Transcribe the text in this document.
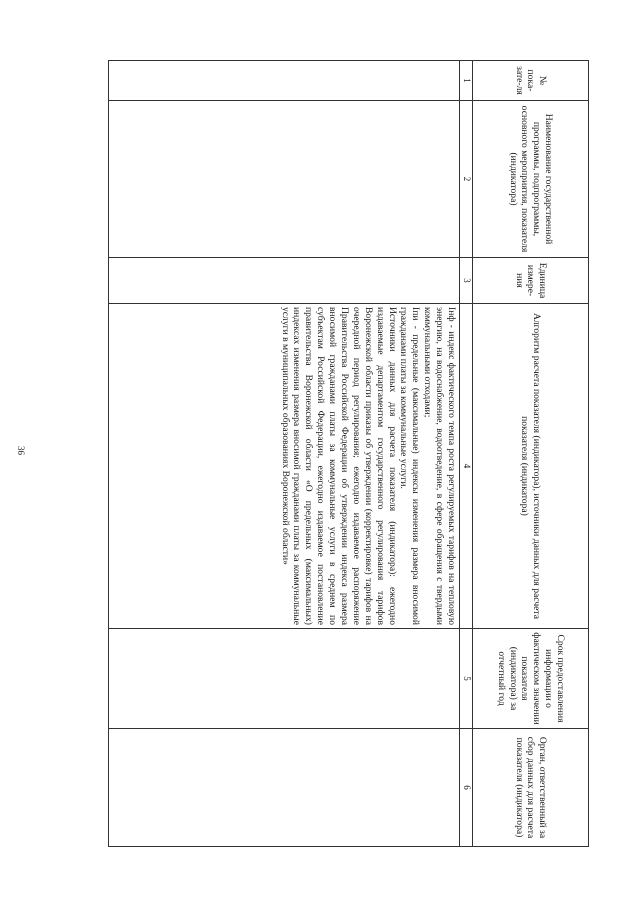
36
№ пока-зате-ля	Наименование государственной программы, подпрограммы, основного мероприятия, показателя (индикатора)	Единица измере-ния	Алгоритм расчета показателя (индикатора), источники данных для расчета показателя (индикатора)	Срок предоставления информации о фактическом значении показателя (индикатора) за отчетный год	Орган, ответственный за сбор данных для расчета показателя (индикатора)
1	2	3	4	5	6

			Iнф - индекс фактического темпа роста регулируемых тарифов на тепловую энергию, на водоснабжение, водоотведение, в сфере обращения с твердыми коммунальными отходами;

Iпи - предельные (максимальные) индексы изменения размера вносимой гражданами платы за коммунальные услуги.

Источники данных для расчета показателя (индикатора): ежегодно издаваемые департаментом государственного регулирования тарифов Воронежской области приказы об утверждении (корректировке) тарифов на очередной период регулирования; ежегодно издаваемое распоряжение Правительства Российской Федерации об утверждении индекса размера вносимой гражданами платы за коммунальные услуги в среднем по субъектам Российской Федерации, ежегодно издаваемое постановление правительства Воронежской области «О предельных (максимальных) индексах изменения размера вносимой гражданами платы за коммунальные услуги в муниципальных образованиях Воронежской области»		
